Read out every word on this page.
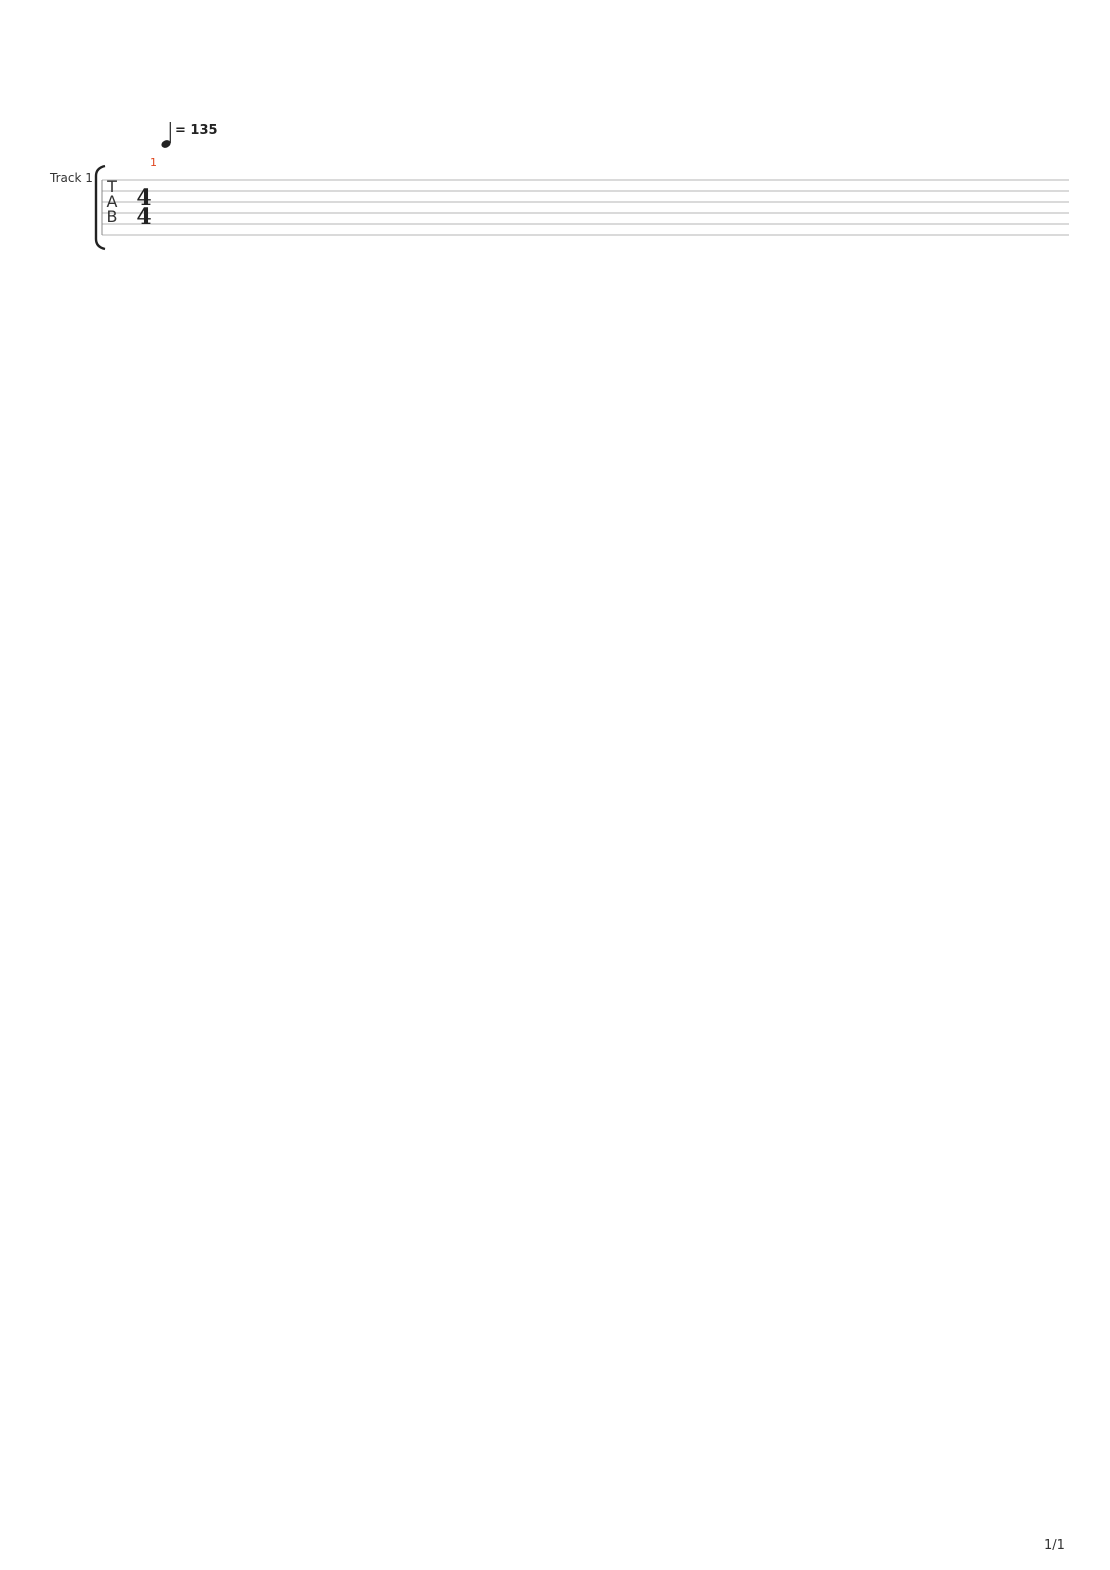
= 135
Track 1 T
A
B
4
4
1
1/1
